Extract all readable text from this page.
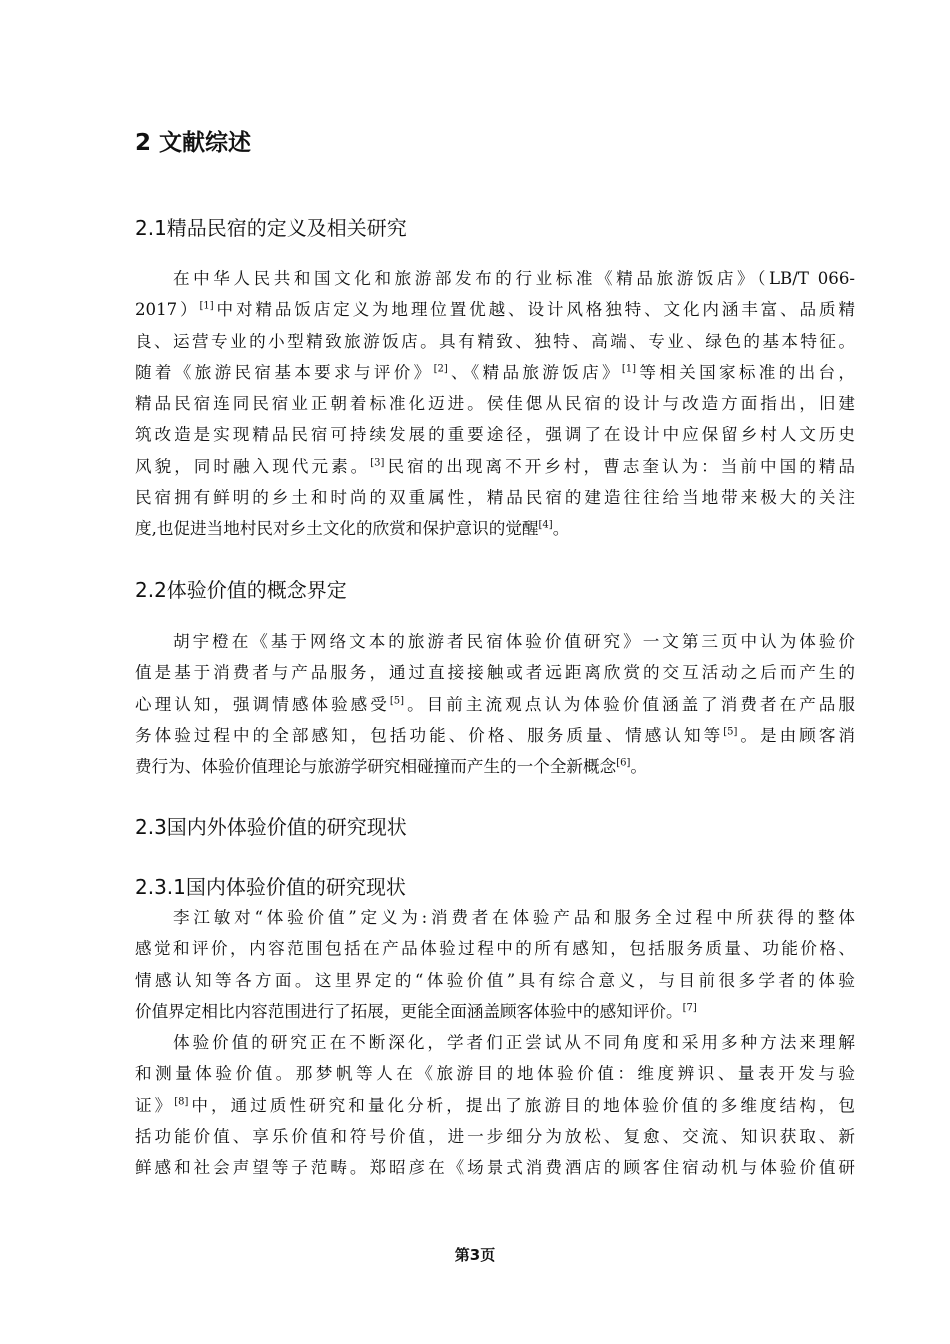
2 文献综述
2.1精品民宿的定义及相关研究
在中华人民共和国文化和旅游部发布的行业标准《精品旅游饭店》（LB/T 066-
2017）[1]中对精品饭店定义为地理位置优越、设计风格独特、文化内涵丰富、品质精
良、运营专业的小型精致旅游饭店。具有精致、独特、高端、专业、绿色的基本特征。
随着《旅游民宿基本要求与评价》[2]、《精品旅游饭店》[1]等相关国家标准的出台，
精品民宿连同民宿业正朝着标准化迈进。侯佳偲从民宿的设计与改造方面指出，旧建
筑改造是实现精品民宿可持续发展的重要途径，强调了在设计中应保留乡村人文历史
风貌，同时融入现代元素。[3]民宿的出现离不开乡村，曹志奎认为：当前中国的精品
民宿拥有鲜明的乡土和时尚的双重属性，精品民宿的建造往往给当地带来极大的关注
度,也促进当地村民对乡土文化的欣赏和保护意识的觉醒[4]。
2.2体验价值的概念界定
胡宇橙在《基于网络文本的旅游者民宿体验价值研究》一文第三页中认为体验价
值是基于消费者与产品服务，通过直接接触或者远距离欣赏的交互活动之后而产生的
心理认知，强调情感体验感受[5]。目前主流观点认为体验价值涵盖了消费者在产品服
务体验过程中的全部感知，包括功能、价格、服务质量、情感认知等[5]。是由顾客消
费行为、体验价值理论与旅游学研究相碰撞而产生的一个全新概念[6]。
2.3国内外体验价值的研究现状
2.3.1国内体验价值的研究现状
李江敏对“体验价值”定义为:消费者在体验产品和服务全过程中所获得的整体
感觉和评价，内容范围包括在产品体验过程中的所有感知，包括服务质量、功能价格、
情感认知等各方面。这里界定的“体验价值”具有综合意义，与目前很多学者的体验
价值界定相比内容范围进行了拓展，更能全面涵盖顾客体验中的感知评价。[7]
体验价值的研究正在不断深化，学者们正尝试从不同角度和采用多种方法来理解
和测量体验价值。那梦帆等人在《旅游目的地体验价值：维度辨识、量表开发与验
证》[8]中，通过质性研究和量化分析，提出了旅游目的地体验价值的多维度结构，包
括功能价值、享乐价值和符号价值，进一步细分为放松、复愈、交流、知识获取、新
鲜感和社会声望等子范畴。郑昭彦在《场景式消费酒店的顾客住宿动机与体验价值研
第3页
